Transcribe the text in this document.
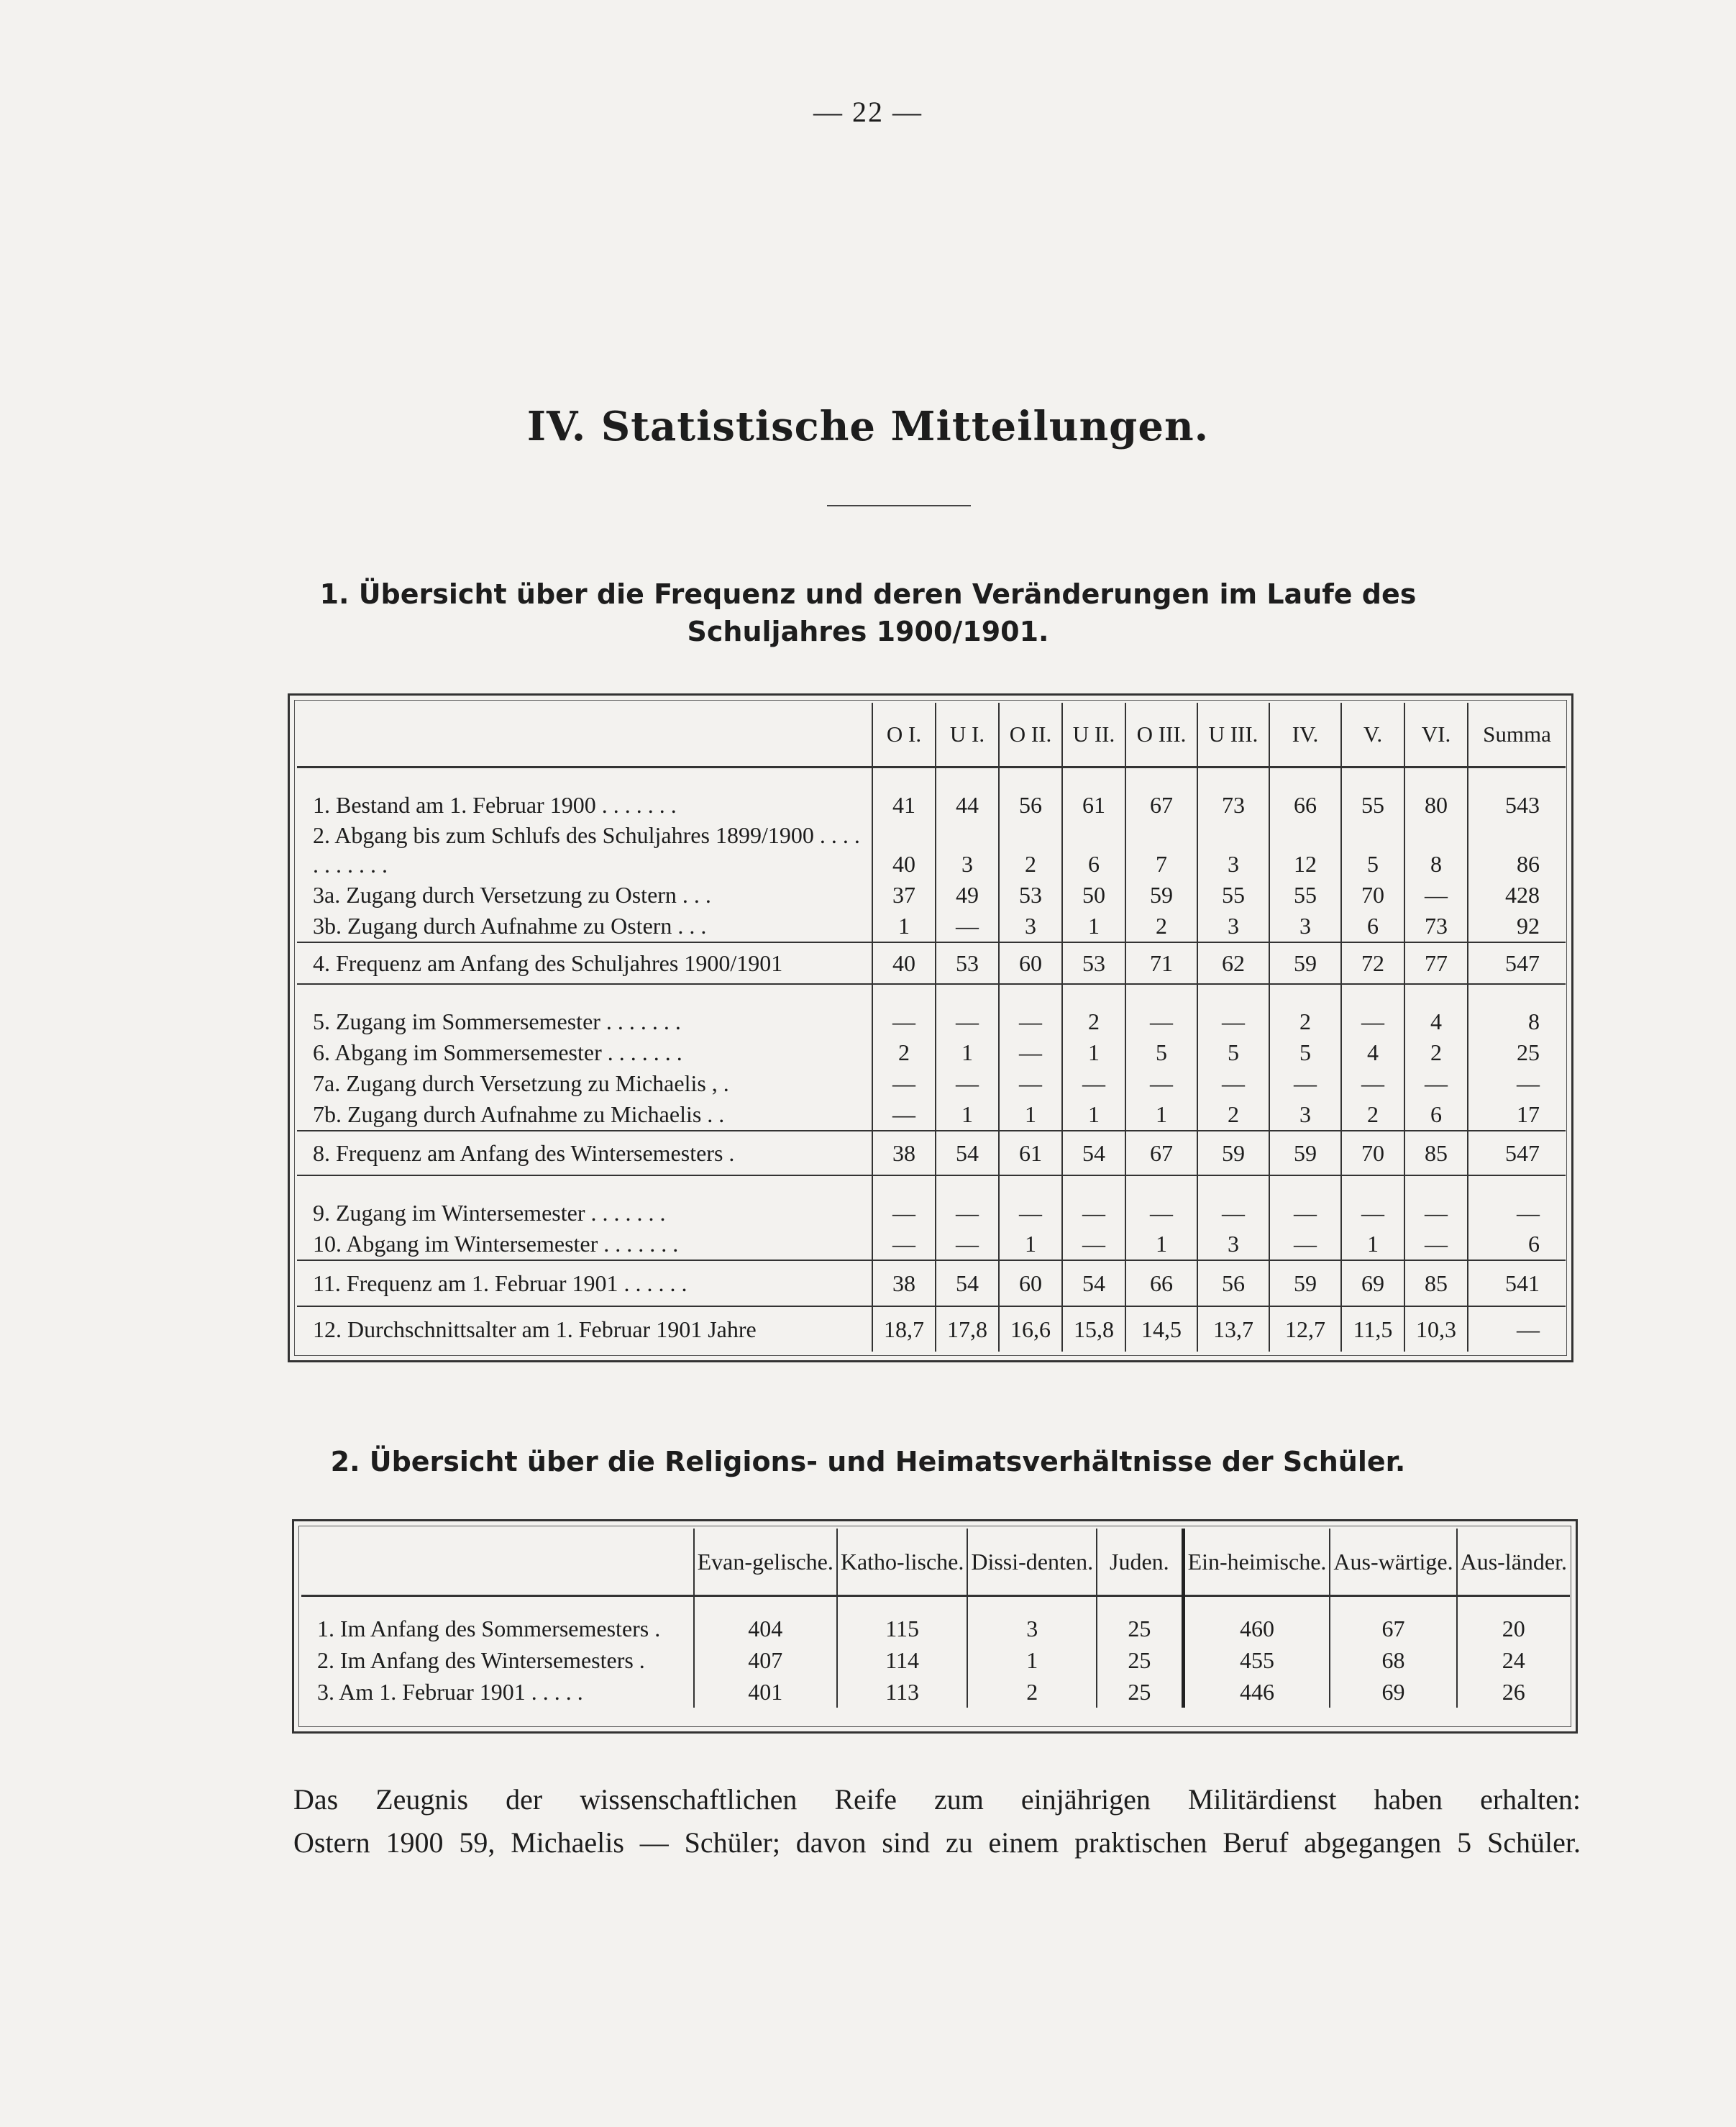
— 22 —
IV. Statistische Mitteilungen.
1. Übersicht über die Frequenz und deren Veränderungen im Laufe des
Schuljahres 1900/1901.
	O I.	U I.	O II.	U II.	O III.	U III.	IV.	V.	VI.	Summa
1. Bestand am 1. Februar 1900 . . . . . . .	41	44	56	61	67	73	66	55	80	543
2. Abgang bis zum Schlufs des Schuljahres 1899/1900 . . . . . . . . . . .	40	3	2	6	7	3	12	5	8	86
3a. Zugang durch Versetzung zu Ostern . . .	37	49	53	50	59	55	55	70	—	428
3b. Zugang durch Aufnahme zu Ostern . . .	1	—	3	1	2	3	3	6	73	92
4. Frequenz am Anfang des Schuljahres 1900/1901	40	53	60	53	71	62	59	72	77	547
5. Zugang im Sommersemester . . . . . . .	—	—	—	2	—	—	2	—	4	8
6. Abgang im Sommersemester . . . . . . .	2	1	—	1	5	5	5	4	2	25
7a. Zugang durch Versetzung zu Michaelis , .	—	—	—	—	—	—	—	—	—	—
7b. Zugang durch Aufnahme zu Michaelis . .	—	1	1	1	1	2	3	2	6	17
8. Frequenz am Anfang des Wintersemesters .	38	54	61	54	67	59	59	70	85	547
9. Zugang im Wintersemester . . . . . . .	—	—	—	—	—	—	—	—	—	—
10. Abgang im Wintersemester . . . . . . .	—	—	1	—	1	3	—	1	—	6
11. Frequenz am 1. Februar 1901 . . . . . .	38	54	60	54	66	56	59	69	85	541
12. Durchschnittsalter am 1. Februar 1901 Jahre	18,7	17,8	16,6	15,8	14,5	13,7	12,7	11,5	10,3	—
2. Übersicht über die Religions- und Heimatsverhältnisse der Schüler.
	Evan-gelische.	Katho-lische.	Dissi-denten.	Juden.	Ein-heimische.	Aus-wärtige.	Aus-länder.
1. Im Anfang des Sommersemesters .	404	115	3	25	460	67	20
2. Im Anfang des Wintersemesters .	407	114	1	25	455	68	24
3. Am 1. Februar 1901 . . . . .	401	113	2	25	446	69	26

Das Zeugnis der wissenschaftlichen Reife zum einjährigen Militärdienst haben erhalten:

Ostern 1900 59, Michaelis — Schüler; davon sind zu einem praktischen Beruf abgegangen 5 Schüler.
